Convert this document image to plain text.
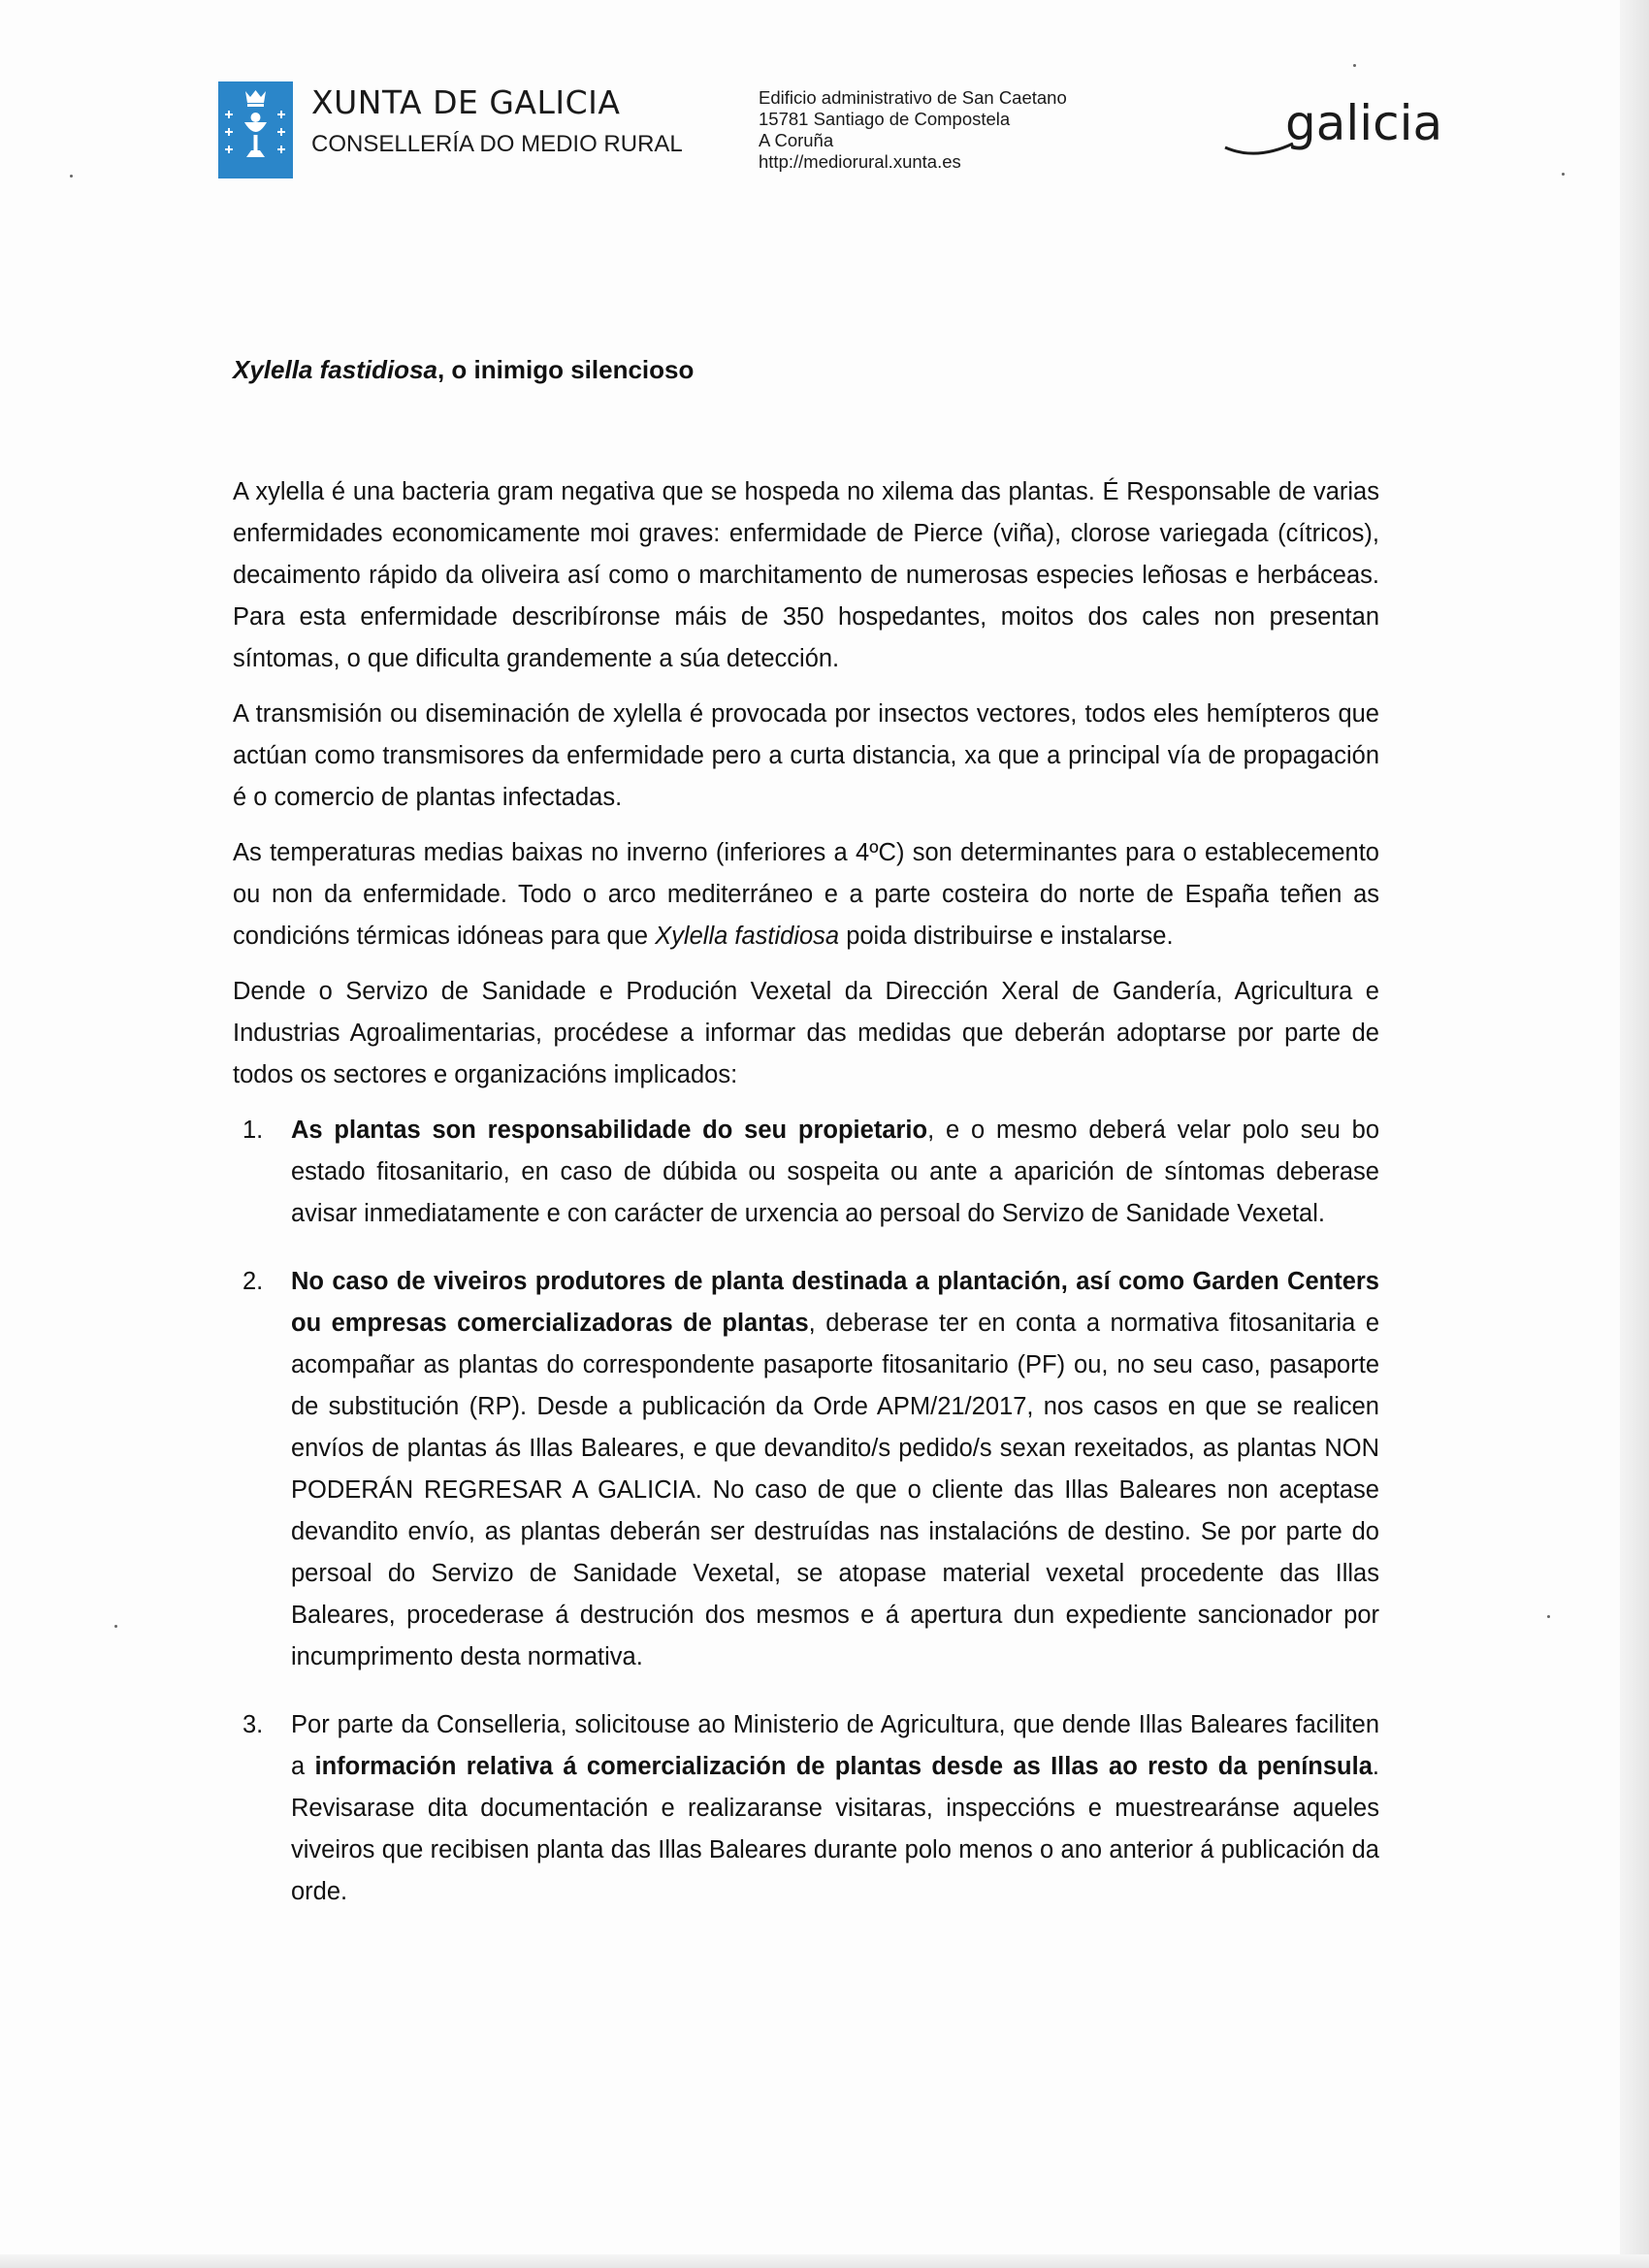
XUNTA DE GALICIA
CONSELLERÍA DO MEDIO RURAL
Edificio administrativo de San Caetano
15781 Santiago de Compostela
A Coruña
http://mediorural.xunta.es
galicia
Xylella fastidiosa, o inimigo silencioso

A xylella é una bacteria gram negativa que se hospeda no xilema das plantas. É Responsable de varias enfermidades economicamente moi graves: enfermidade de Pierce (viña), clorose variegada (cítricos), decaimento rápido da oliveira así como o marchitamento de numerosas especies leñosas e herbáceas. Para esta enfermidade describíronse máis de 350 hospedantes, moitos dos cales non presentan síntomas, o que dificulta grandemente a súa detección.

A transmisión ou diseminación de xylella é provocada por insectos vectores, todos eles hemípteros que actúan como transmisores da enfermidade pero a curta distancia, xa que a principal vía de propagación é o comercio de plantas infectadas.

As temperaturas medias baixas no inverno (inferiores a 4ºC) son determinantes para o establecemento ou non da enfermidade. Todo o arco mediterráneo e a parte costeira do norte de España teñen as condicións térmicas idóneas para que Xylella fastidiosa poida distribuirse e instalarse.

Dende o Servizo de Sanidade e Produción Vexetal da Dirección Xeral de Gandería, Agricultura e Industrias Agroalimentarias, procédese a informar das medidas que deberán adoptarse por parte de todos os sectores e organizacións implicados:

1. As plantas son responsabilidade do seu propietario, e o mesmo deberá velar polo seu bo estado fitosanitario, en caso de dúbida ou sospeita ou ante a aparición de síntomas deberase avisar inmediatamente e con carácter de urxencia ao persoal do Servizo de Sanidade Vexetal.
2. No caso de viveiros produtores de planta destinada a plantación, así como Garden Centers ou empresas comercializadoras de plantas, deberase ter en conta a normativa fitosanitaria e acompañar as plantas do correspondente pasaporte fitosanitario (PF) ou, no seu caso, pasaporte de substitución (RP). Desde a publicación da Orde APM/21/2017, nos casos en que se realicen envíos de plantas ás Illas Baleares, e que devandito/s pedido/s sexan rexeitados, as plantas NON PODERÁN REGRESAR A GALICIA. No caso de que o cliente das Illas Baleares non aceptase devandito envío, as plantas deberán ser destruídas nas instalacións de destino. Se por parte do persoal do Servizo de Sanidade Vexetal, se atopase material vexetal procedente das Illas Baleares, procederase á destrución dos mesmos e á apertura dun expediente sancionador por incumprimento desta normativa.
3. Por parte da Conselleria, solicitouse ao Ministerio de Agricultura, que dende Illas Baleares faciliten a información relativa á comercialización de plantas desde as Illas ao resto da península. Revisarase dita documentación e realizaranse visitaras, inspeccións e muestrearánse aqueles viveiros que recibisen planta das Illas Baleares durante polo menos o ano anterior á publicación da orde.
